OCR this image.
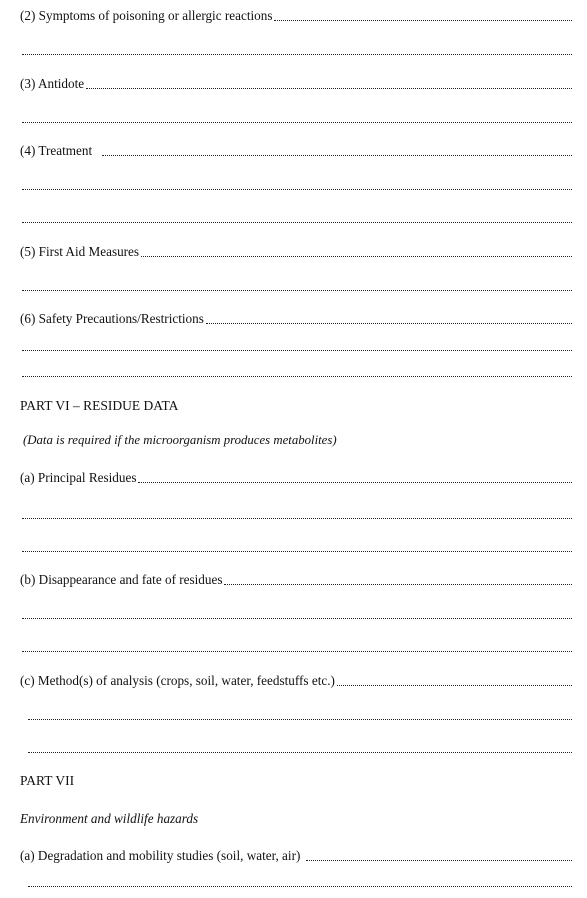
(2) Symptoms of poisoning or allergic reactions
(3) Antidote
(4) Treatment
(5) First Aid Measures
(6) Safety Precautions/Restrictions
PART VI – RESIDUE DATA
(Data is required if the microorganism produces metabolites)
(a) Principal Residues
(b) Disappearance and fate of residues
(c) Method(s) of analysis (crops, soil, water, feedstuffs etc.)
PART VII
Environment and wildlife hazards
(a) Degradation and mobility studies (soil, water, air)
